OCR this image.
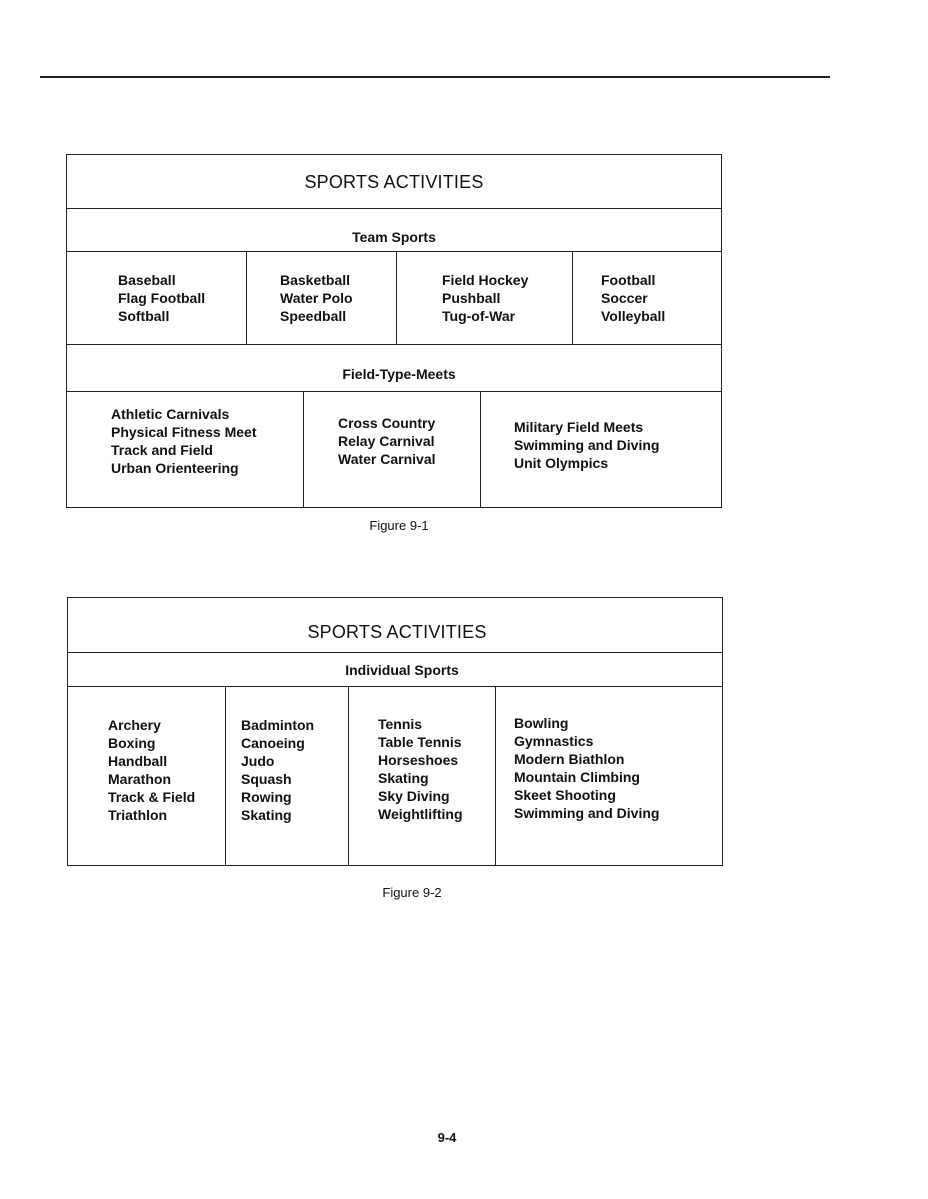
SPORTS ACTIVITIES
Team Sports
Baseball
Flag Football
Softball
Basketball
Water Polo
Speedball
Field Hockey
Pushball
Tug-of-War
Football
Soccer
Volleyball
Field-Type-Meets
Athletic Carnivals
Physical Fitness Meet
Track and Field
Urban Orienteering
Cross Country
Relay Carnival
Water Carnival
Military Field Meets
Swimming and Diving
Unit Olympics
Figure 9-1
SPORTS ACTIVITIES
Individual Sports
Archery
Boxing
Handball
Marathon
Track & Field
Triathlon
Badminton
Canoeing
Judo
Squash
Rowing
Skating
Tennis
Table Tennis
Horseshoes
Skating
Sky Diving
Weightlifting
Bowling
Gymnastics
Modern Biathlon
Mountain Climbing
Skeet Shooting
Swimming and Diving
Figure 9-2
9-4
